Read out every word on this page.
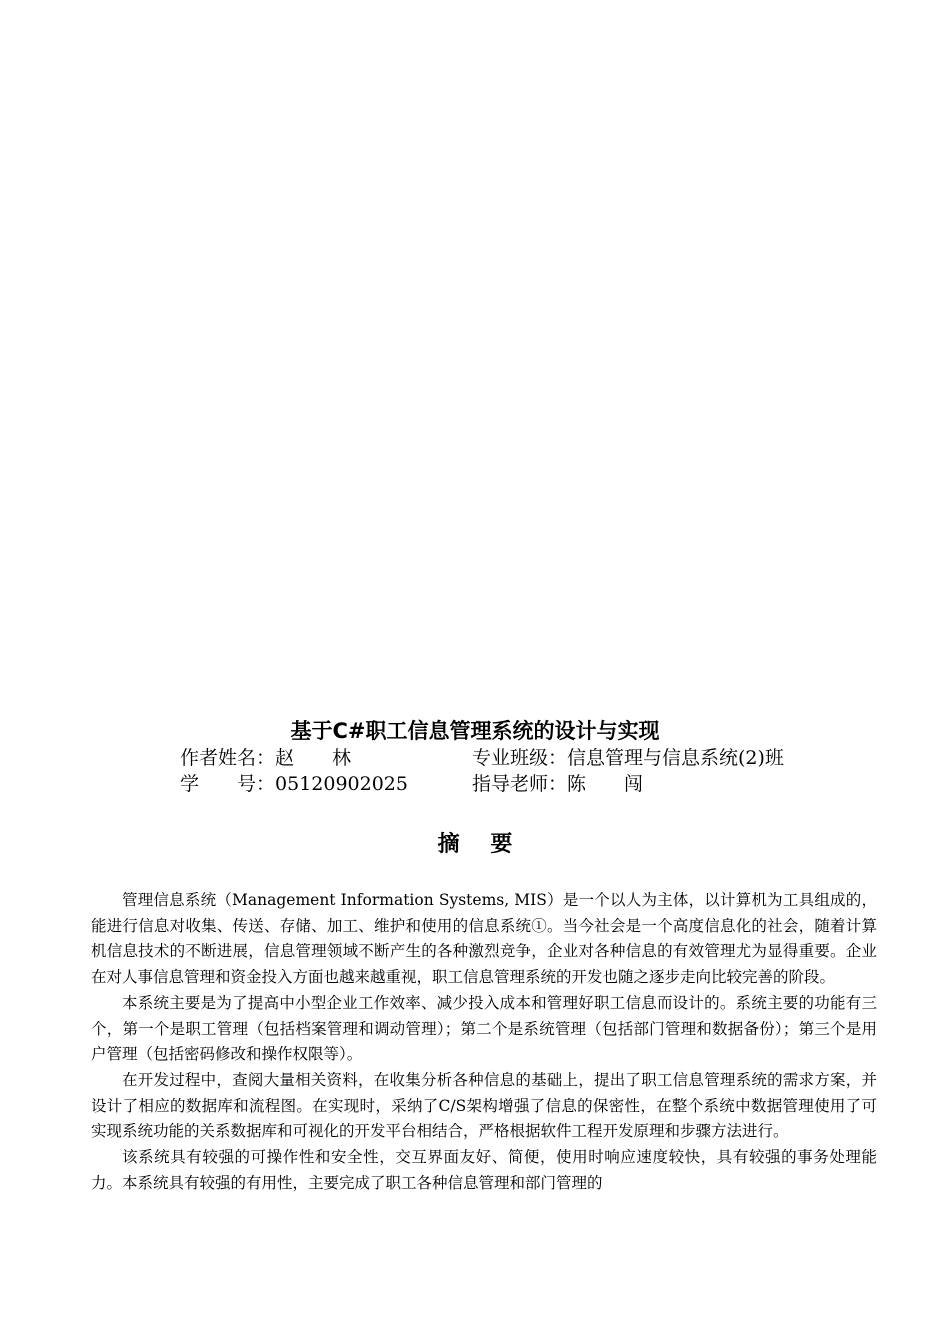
基于C#职工信息管理系统的设计与实现
作者姓名：赵　　林	专业班级：信息管理与信息系统(2)班
学　　号：05120902025	指导老师：陈　　闯
摘要

管理信息系统（Management Information Systems, MIS）是一个以人为主体，以计算机为工具组成的，能进行信息对收集、传送、存储、加工、维护和使用的信息系统①。当今社会是一个高度信息化的社会，随着计算机信息技术的不断进展，信息管理领域不断产生的各种激烈竞争，企业对各种信息的有效管理尤为显得重要。企业在对人事信息管理和资金投入方面也越来越重视，职工信息管理系统的开发也随之逐步走向比较完善的阶段。

本系统主要是为了提高中小型企业工作效率、减少投入成本和管理好职工信息而设计的。系统主要的功能有三个，第一个是职工管理（包括档案管理和调动管理）；第二个是系统管理（包括部门管理和数据备份）；第三个是用户管理（包括密码修改和操作权限等）。

在开发过程中，查阅大量相关资料，在收集分析各种信息的基础上，提出了职工信息管理系统的需求方案，并设计了相应的数据库和流程图。在实现时，采纳了C/S架构增强了信息的保密性，在整个系统中数据管理使用了可实现系统功能的关系数据库和可视化的开发平台相结合，严格根据软件工程开发原理和步骤方法进行。

该系统具有较强的可操作性和安全性，交互界面友好、简便，使用时响应速度较快，具有较强的事务处理能力。本系统具有较强的有用性，主要完成了职工各种信息管理和部门管理的
